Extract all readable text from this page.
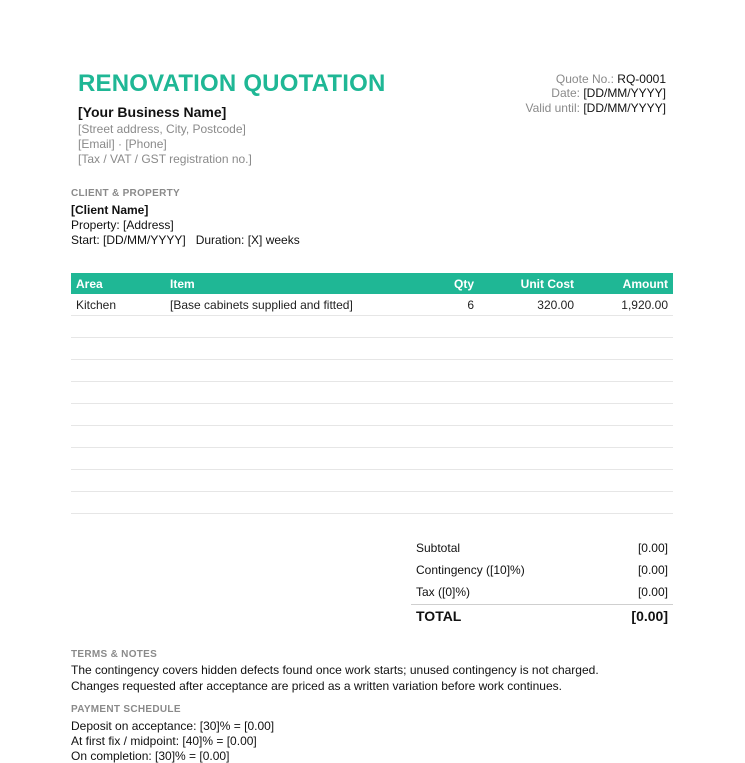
RENOVATION QUOTATION
[Your Business Name]
[Street address, City, Postcode]
[Email] · [Phone]
[Tax / VAT / GST registration no.]
Quote No.: RQ-0001
Date: [DD/MM/YYYY]
Valid until: [DD/MM/YYYY]
CLIENT & PROPERTY
[Client Name]
Property: [Address]
Start: [DD/MM/YYYY]   Duration: [X] weeks
Area	Item	Qty	Unit Cost	Amount
Kitchen	[Base cabinets supplied and fitted]	6	320.00	1,920.00

Subtotal	[0.00]
Contingency ([10]%)	[0.00]
Tax ([0]%)	[0.00]
TOTAL	[0.00]
TERMS & NOTES
The contingency covers hidden defects found once work starts; unused contingency is not charged.
Changes requested after acceptance are priced as a written variation before work continues.
PAYMENT SCHEDULE
Deposit on acceptance: [30]% = [0.00]
At first fix / midpoint: [40]% = [0.00]
On completion: [30]% = [0.00]
